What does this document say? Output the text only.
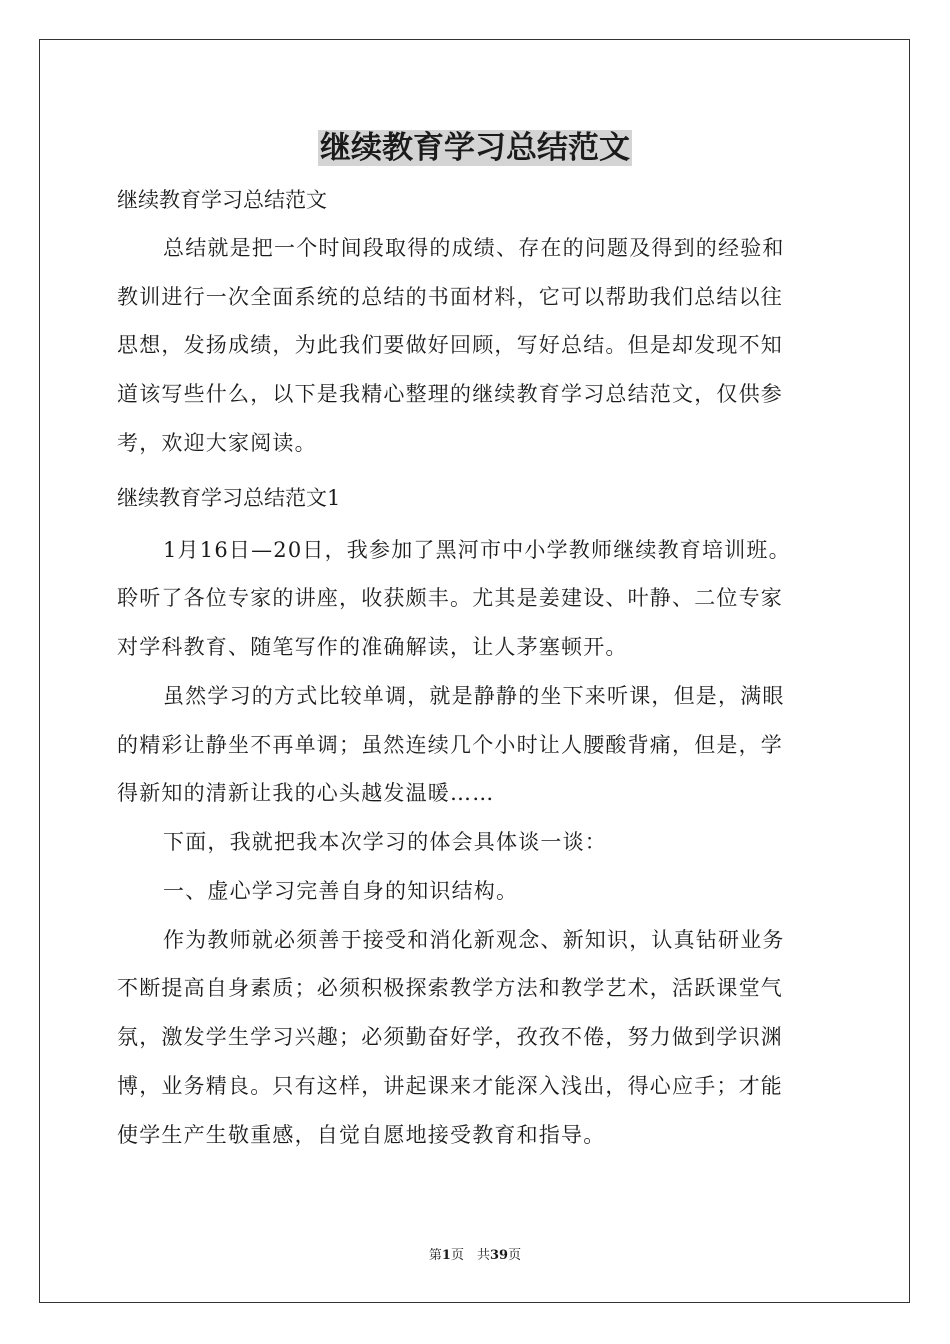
继续教育学习总结范文
继续教育学习总结范文
总结就是把一个时间段取得的成绩、存在的问题及得到的经验和
教训进行一次全面系统的总结的书面材料，它可以帮助我们总结以往
思想，发扬成绩，为此我们要做好回顾，写好总结。但是却发现不知
道该写些什么，以下是我精心整理的继续教育学习总结范文，仅供参
考，欢迎大家阅读。
继续教育学习总结范文1
1月16日—20日，我参加了黑河市中小学教师继续教育培训班。
聆听了各位专家的讲座，收获颇丰。尤其是姜建设、叶静、二位专家
对学科教育、随笔写作的准确解读，让人茅塞顿开。
虽然学习的方式比较单调，就是静静的坐下来听课，但是，满眼
的精彩让静坐不再单调；虽然连续几个小时让人腰酸背痛，但是，学
得新知的清新让我的心头越发温暖……
下面，我就把我本次学习的体会具体谈一谈：
一、虚心学习完善自身的知识结构。
作为教师就必须善于接受和消化新观念、新知识，认真钻研业务
不断提高自身素质；必须积极探索教学方法和教学艺术，活跃课堂气
氛，激发学生学习兴趣；必须勤奋好学，孜孜不倦，努力做到学识渊
博，业务精良。只有这样，讲起课来才能深入浅出，得心应手；才能
使学生产生敬重感，自觉自愿地接受教育和指导。
第1页　共39页
